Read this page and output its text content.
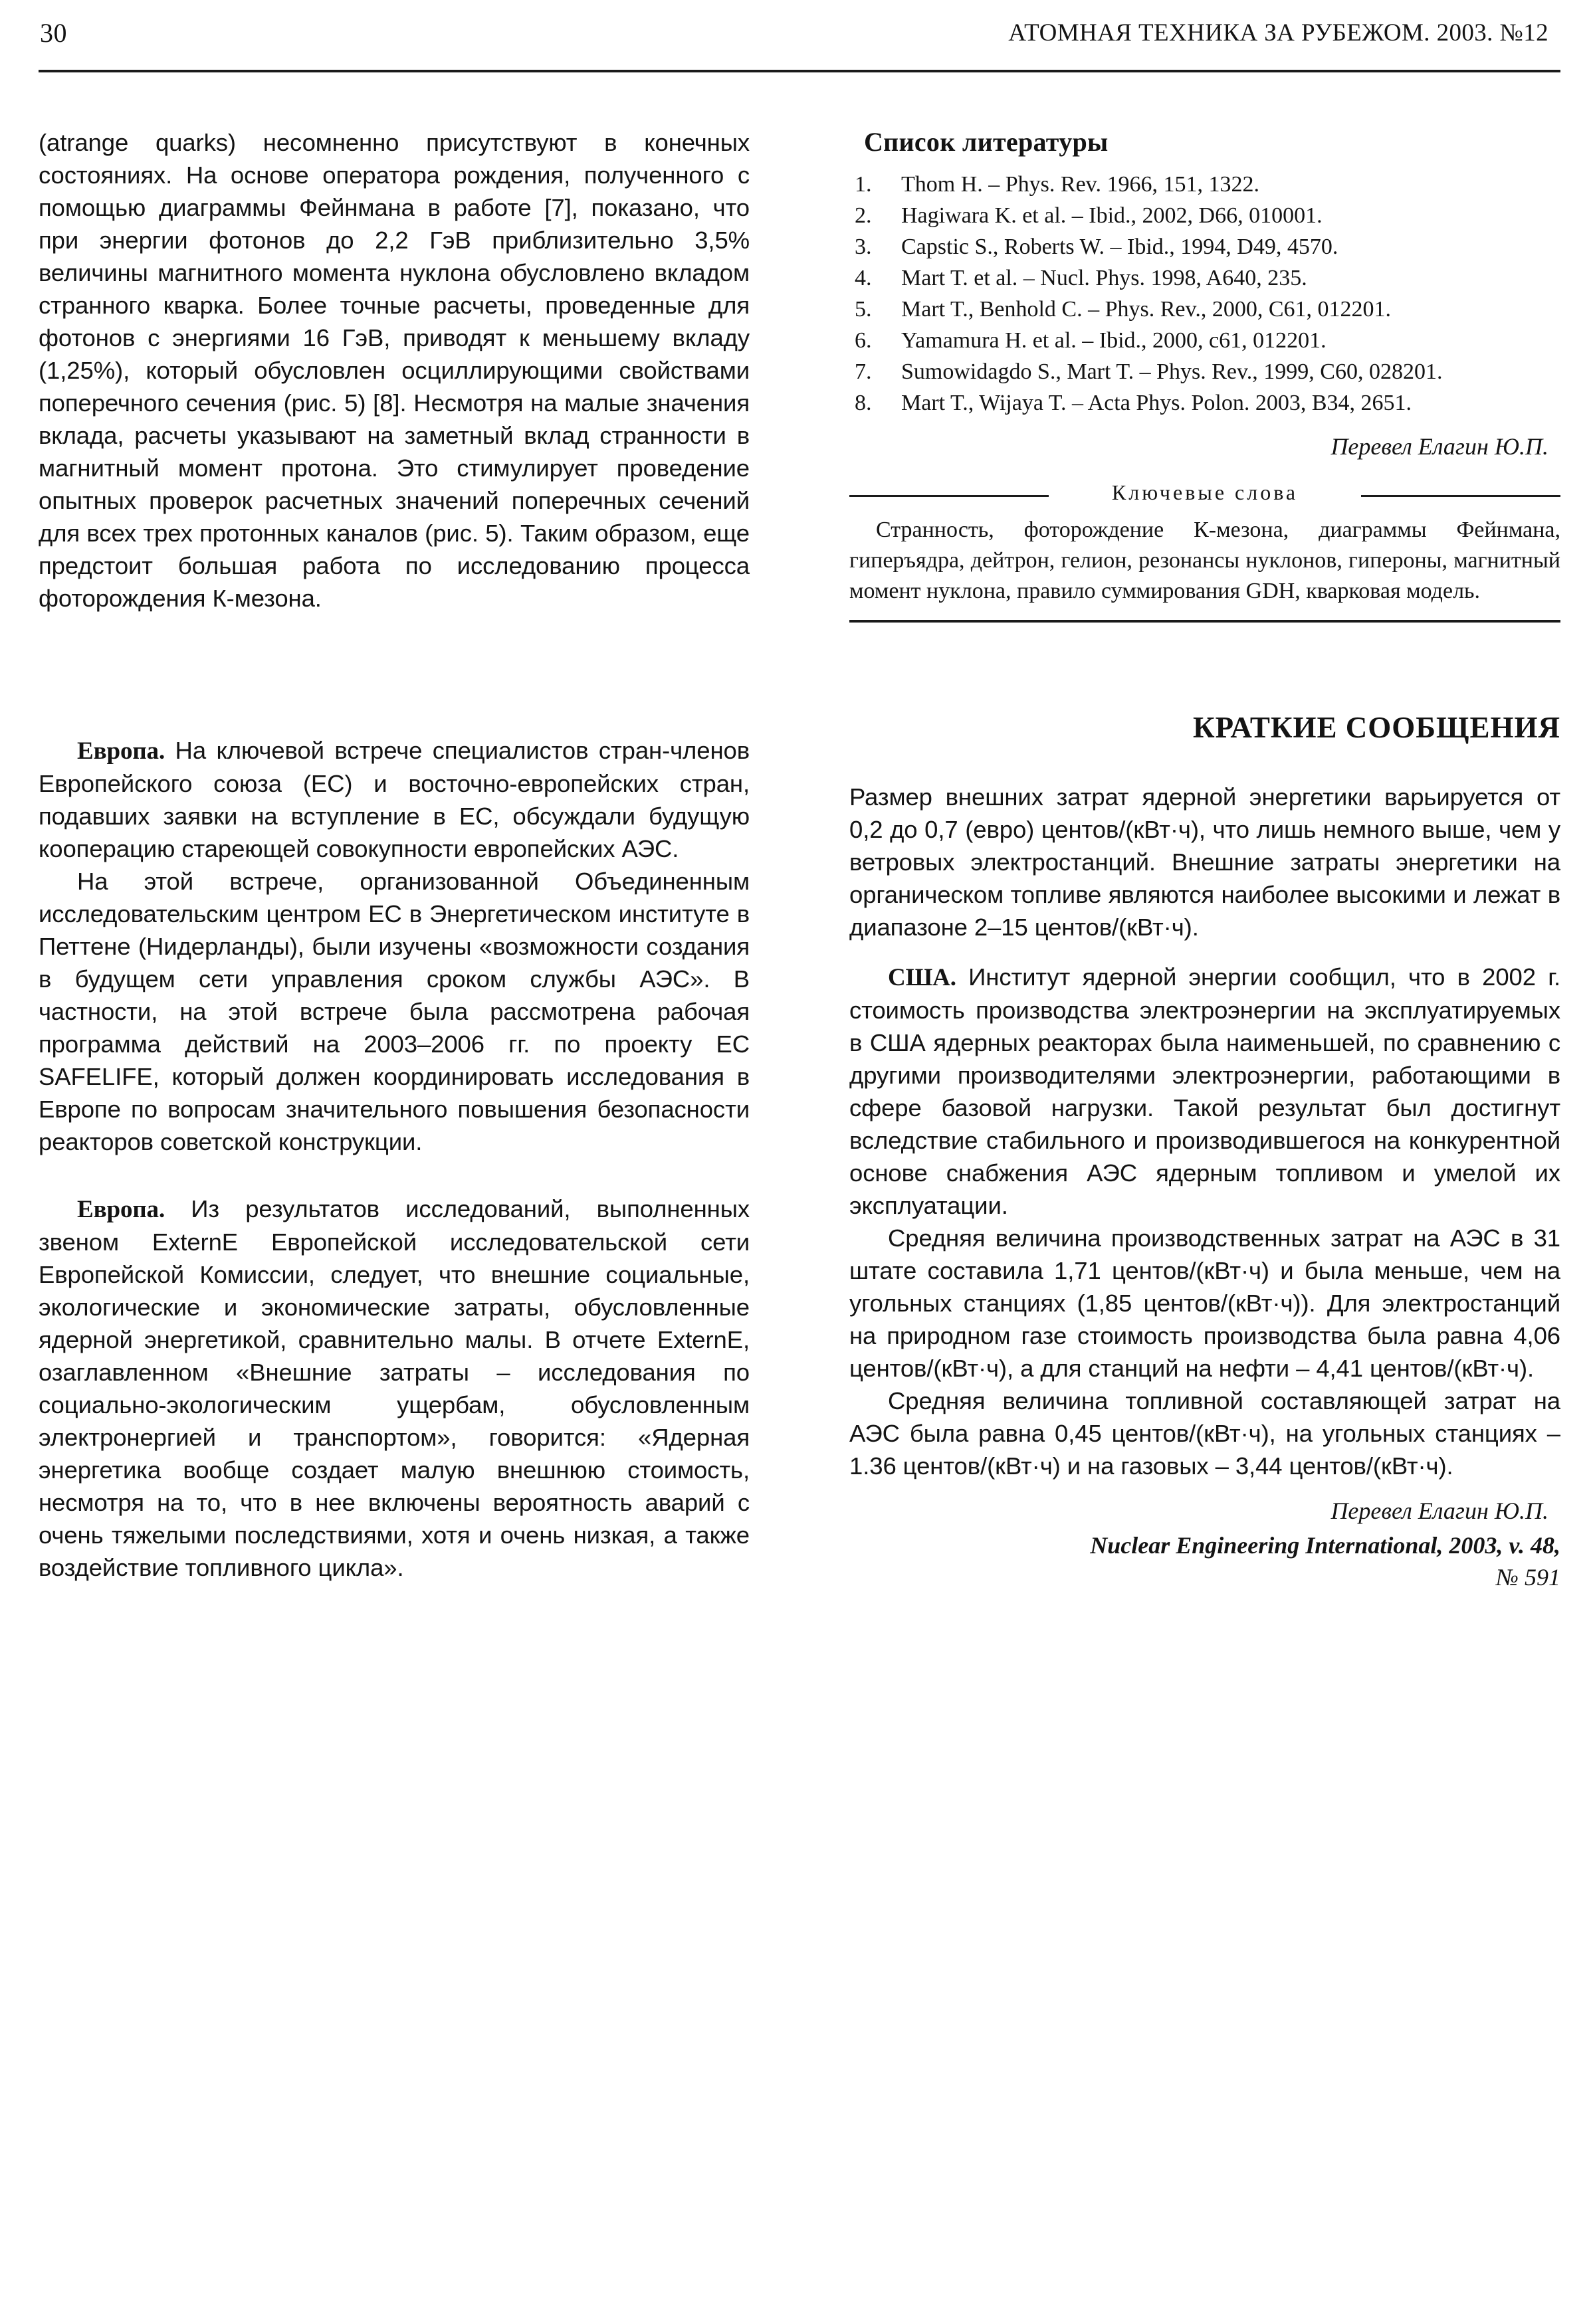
30	АТОМНАЯ ТЕХНИКА ЗА РУБЕЖОМ. 2003. №12

(atrange quarks) несомненно присутствуют в конечных состояниях. На основе оператора рождения, полученного с помощью диаграммы Фейнмана в работе [7], показано, что при энергии фотонов до 2,2 ГэВ приблизительно 3,5% величины магнитного момента нуклона обусловлено вкладом странного кварка. Более точные расчеты, проведенные для фотонов с энергиями 16 ГэВ, приводят к меньшему вкладу (1,25%), который обусловлен осциллирующими свойствами поперечного сечения (рис. 5) [8]. Несмотря на малые значения вклада, расчеты указывают на заметный вклад странности в магнитный момент протона. Это стимулирует проведение опытных проверок расчетных значений поперечных сечений для всех трех протонных каналов (рис. 5). Таким образом, еще предстоит большая работа по исследованию процесса фоторождения К-мезона.

Европа. На ключевой встрече специалистов стран-членов Европейского союза (ЕС) и восточно-европейских стран, подавших заявки на вступление в ЕС, обсуждали будущую кооперацию стареющей совокупности европейских АЭС.

На этой встрече, организованной Объединенным исследовательским центром ЕС в Энергетическом институте в Петтене (Нидерланды), были изучены «возможности создания в будущем сети управления сроком службы АЭС». В частности, на этой встрече была рассмотрена рабочая программа действий на 2003–2006 гг. по проекту ЕС SAFELIFE, который должен координировать исследования в Европе по вопросам значительного повышения безопасности реакторов советской конструкции.

Европа. Из результатов исследований, выполненных звеном ExternE Европейской исследовательской сети Европейской Комиссии, следует, что внешние социальные, экологические и экономические затраты, обусловленные ядерной энергетикой, сравнительно малы. В отчете ExternE, озаглавленном «Внешние затраты – исследования по социально-экологическим ущербам, обусловленным электронергией и транспортом», говорится: «Ядерная энергетика вообще создает малую внешнюю стоимость, несмотря на то, что в нее включены вероятность аварий с очень тяжелыми последствиями, хотя и очень низкая, а также воздействие топливного цикла».

Список литературы
1.	Thom H. – Phys. Rev. 1966, 151, 1322.
2.	Hagiwara K. et al. – Ibid., 2002, D66, 010001.
3.	Capstic S., Roberts W. – Ibid., 1994, D49, 4570.
4.	Mart T. et al. – Nucl. Phys. 1998, A640, 235.
5.	Mart T., Benhold C. – Phys. Rev., 2000, C61, 012201.
6.	Yamamura H. et al. – Ibid., 2000, c61, 012201.
7.	Sumowidagdo S., Mart T. – Phys. Rev., 1999, C60, 028201.
8.	Mart T., Wijaya T. – Acta Phys. Polon. 2003, B34, 2651.
Перевел Елагин Ю.П.
Ключевые слова
Странность, фоторождение К-мезона, диаграммы Фейнмана, гиперъядра, дейтрон, гелион, резонансы нуклонов, гипероны, магнитный момент нуклона, правило суммирования GDH, кварковая модель.
КРАТКИЕ СООБЩЕНИЯ

Размер внешних затрат ядерной энергетики варьируется от 0,2 до 0,7 (евро) центов/(кВт·ч), что лишь немного выше, чем у ветровых электростанций. Внешние затраты энергетики на органическом топливе являются наиболее высокими и лежат в диапазоне 2–15 центов/(кВт·ч).

США. Институт ядерной энергии сообщил, что в 2002 г. стоимость производства электроэнергии на эксплуатируемых в США ядерных реакторах была наименьшей, по сравнению с другими производителями электроэнергии, работающими в сфере базовой нагрузки. Такой результат был достигнут вследствие стабильного и производившегося на конкурентной основе снабжения АЭС ядерным топливом и умелой их эксплуатации.

Средняя величина производственных затрат на АЭС в 31 штате составила 1,71 центов/(кВт·ч) и была меньше, чем на угольных станциях (1,85 центов/(кВт·ч)). Для электростанций на природном газе стоимость производства была равна 4,06 центов/(кВт·ч), а для станций на нефти – 4,41 центов/(кВт·ч).

Средняя величина топливной составляющей затрат на АЭС была равна 0,45 центов/(кВт·ч), на угольных станциях – 1.36 центов/(кВт·ч) и на газовых – 3,44 центов/(кВт·ч).

Перевел Елагин Ю.П.
Nuclear Engineering International, 2003, v. 48,
№ 591
